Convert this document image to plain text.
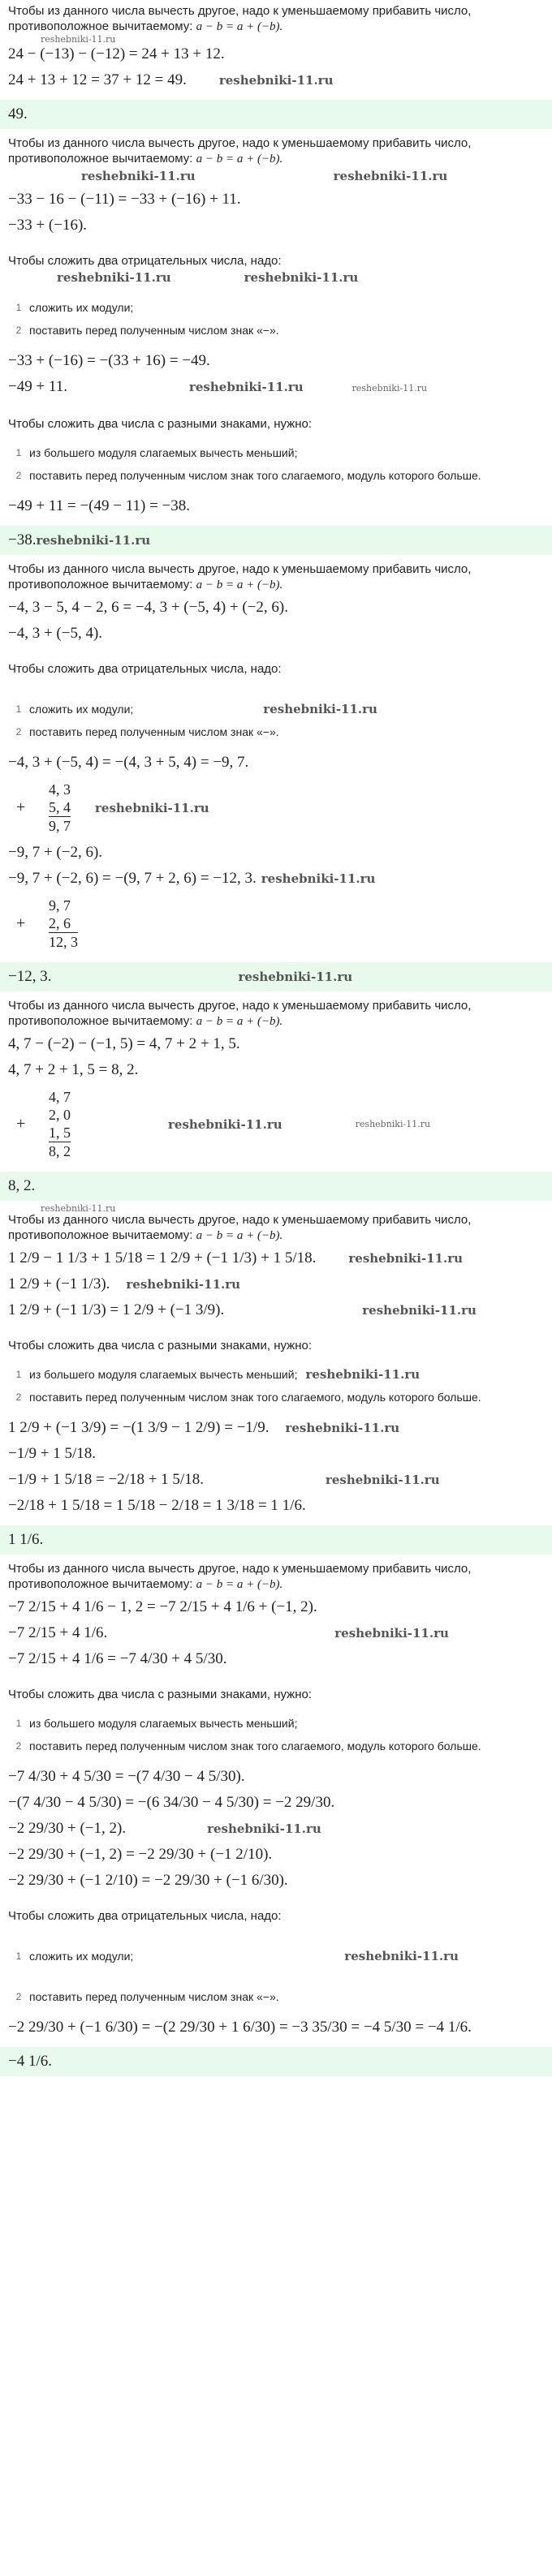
Чтобы из данного числа вычесть другое, надо к уменьшаемому прибавить число, противоположное вычитаемому: a − b = a + (−b).
reshebniki-11.ru
24 − (−13) − (−12) = 24 + 13 + 12.
24 + 13 + 12 = 37 + 12 = 49.	reshebniki-11.ru
49.
Чтобы из данного числа вычесть другое, надо к уменьшаемому прибавить число, противоположное вычитаемому: a − b = a + (−b).
reshebniki-11.ru	reshebniki-11.ru
−33 − 16 − (−11) = −33 + (−16) + 11.
−33 + (−16).
Чтобы сложить два отрицательных числа, надо:
reshebniki-11.ru	reshebniki-11.ru
1 сложить их модули;
2 поставить перед полученным числом знак «−».
−33 + (−16) = −(33 + 16) = −49.
−49 + 11.	reshebniki-11.ru	reshebniki-11.ru
Чтобы сложить два числа с разными знаками, нужно:
1 из большего модуля слагаемых вычесть меньший;
2 поставить перед полученным числом знак того слагаемого, модуль которого больше.
−49 + 11 = −(49 − 11) = −38.
−38.reshebniki-11.ru
Чтобы из данного числа вычесть другое, надо к уменьшаемому прибавить число, противоположное вычитаемому: a − b = a + (−b).
−4, 3 − 5, 4 − 2, 6 = −4, 3 + (−5, 4) + (−2, 6).
−4, 3 + (−5, 4).
Чтобы сложить два отрицательных числа, надо:
1 сложить их модули;	reshebniki-11.ru
2 поставить перед полученным числом знак «−».
−4, 3 + (−5, 4) = −(4, 3 + 5, 4) = −9, 7.
+
4, 3
5, 4
9, 7
reshebniki-11.ru
−9, 7 + (−2, 6).
−9, 7 + (−2, 6) = −(9, 7 + 2, 6) = −12, 3. reshebniki-11.ru
+
9, 7
2, 6
12, 3
−12, 3.	reshebniki-11.ru
Чтобы из данного числа вычесть другое, надо к уменьшаемому прибавить число, противоположное вычитаемому: a − b = a + (−b).
4, 7 − (−2) − (−1, 5) = 4, 7 + 2 + 1, 5.
4, 7 + 2 + 1, 5 = 8, 2.
+
4, 7
2, 0
1, 5
8, 2
reshebniki-11.ru	reshebniki-11.ru
8, 2.
reshebniki-11.ru
Чтобы из данного числа вычесть другое, надо к уменьшаемому прибавить число, противоположное вычитаемому: a − b = a + (−b).
1 2/9 − 1 1/3 + 1 5/18 = 1 2/9 + (−1 1/3) + 1 5/18.	reshebniki-11.ru
1 2/9 + (−1 1/3). reshebniki-11.ru
1 2/9 + (−1 1/3) = 1 2/9 + (−1 3/9).	reshebniki-11.ru
Чтобы сложить два числа с разными знаками, нужно:
1 из большего модуля слагаемых вычесть меньший; reshebniki-11.ru
2 поставить перед полученным числом знак того слагаемого, модуль которого больше.
1 2/9 + (−1 3/9) = −(1 3/9 − 1 2/9) = −1/9. reshebniki-11.ru
−1/9 + 1 5/18.
−1/9 + 1 5/18 = −2/18 + 1 5/18.	reshebniki-11.ru
−2/18 + 1 5/18 = 1 5/18 − 2/18 = 1 3/18 = 1 1/6.
1 1/6.
Чтобы из данного числа вычесть другое, надо к уменьшаемому прибавить число, противоположное вычитаемому: a − b = a + (−b).
−7 2/15 + 4 1/6 − 1, 2 = −7 2/15 + 4 1/6 + (−1, 2).
−7 2/15 + 4 1/6.	reshebniki-11.ru
−7 2/15 + 4 1/6 = −7 4/30 + 4 5/30.
Чтобы сложить два числа с разными знаками, нужно:
1 из большего модуля слагаемых вычесть меньший;
2 поставить перед полученным числом знак того слагаемого, модуль которого больше.
−7 4/30 + 4 5/30 = −(7 4/30 − 4 5/30).
−(7 4/30 − 4 5/30) = −(6 34/30 − 4 5/30) = −2 29/30.
−2 29/30 + (−1, 2).	reshebniki-11.ru
−2 29/30 + (−1, 2) = −2 29/30 + (−1 2/10).
−2 29/30 + (−1 2/10) = −2 29/30 + (−1 6/30).
Чтобы сложить два отрицательных числа, надо:
1 сложить их модули;	reshebniki-11.ru
2 поставить перед полученным числом знак «−».
−2 29/30 + (−1 6/30) = −(2 29/30 + 1 6/30) = −3 35/30 = −4 5/30 = −4 1/6.
−4 1/6.
